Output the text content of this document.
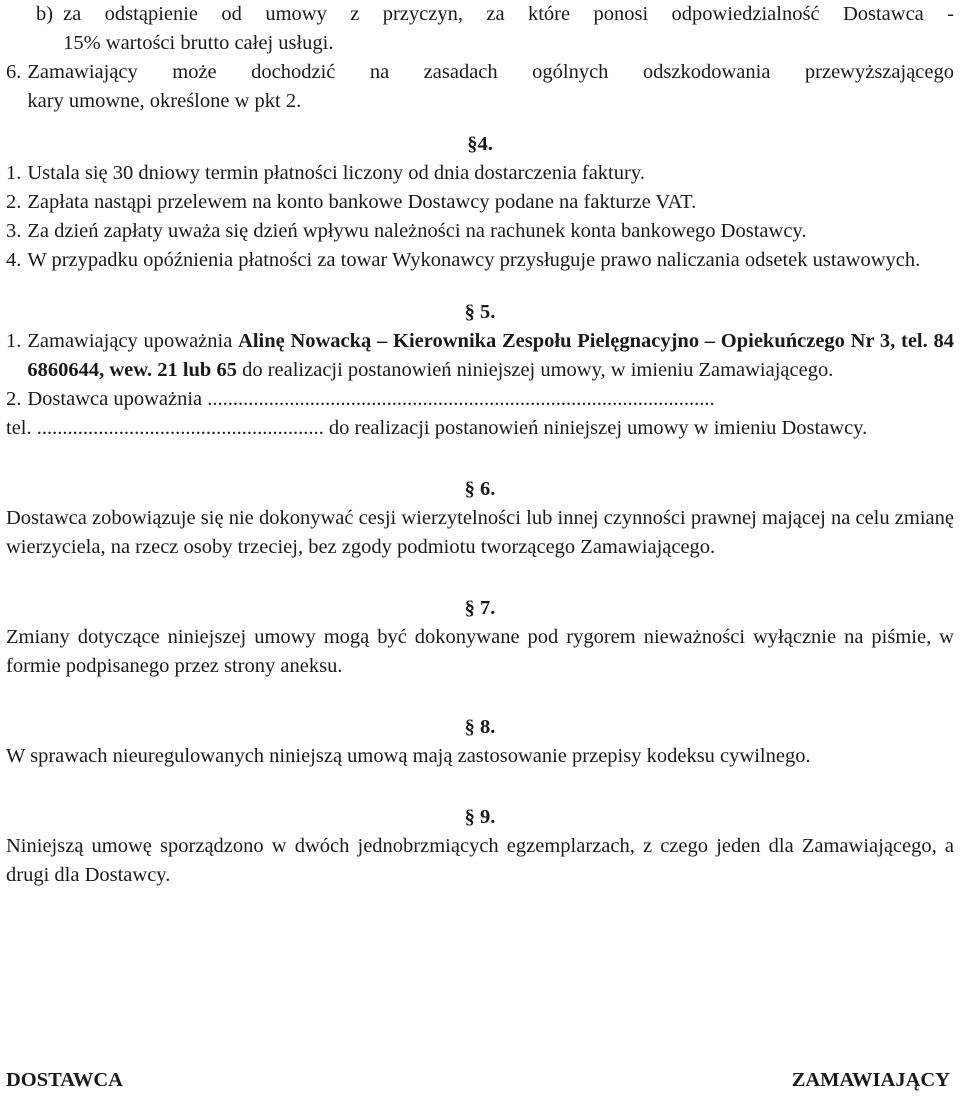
b) za odstąpienie od umowy z przyczyn, za które ponosi odpowiedzialność Dostawca -
15% wartości brutto całej usługi.
6. Zamawiający może dochodzić na zasadach ogólnych odszkodowania przewyższającego
kary umowne, określone w pkt 2.
§4.
1. Ustala się 30 dniowy termin płatności liczony od dnia dostarczenia faktury.
2. Zapłata nastąpi przelewem na konto bankowe Dostawcy podane na fakturze VAT.
3. Za dzień zapłaty uważa się dzień wpływu należności na rachunek konta bankowego Dostawcy.
4. W przypadku opóźnienia płatności za towar Wykonawcy przysługuje prawo naliczania odsetek ustawowych.
§ 5.
1. Zamawiający upoważnia Alinę Nowacką – Kierownika Zespołu Pielęgnacyjno – Opiekuńczego Nr 3, tel. 84 6860644, wew. 21 lub 65 do realizacji postanowień niniejszej umowy, w imieniu Zamawiającego.
2. Dostawca upoważnia ...................................................................................................
tel. ........................................................ do realizacji postanowień niniejszej umowy w imieniu Dostawcy.
§ 6.
Dostawca zobowiązuje się nie dokonywać cesji wierzytelności lub innej czynności prawnej mającej na celu zmianę wierzyciela, na rzecz osoby trzeciej, bez zgody podmiotu tworzącego Zamawiającego.
§ 7.
Zmiany dotyczące niniejszej umowy mogą być dokonywane pod rygorem nieważności wyłącznie na piśmie, w formie podpisanego przez strony aneksu.
§ 8.
W sprawach nieuregulowanych niniejszą umową mają zastosowanie przepisy kodeksu cywilnego.
§ 9.
Niniejszą umowę sporządzono w dwóch jednobrzmiących egzemplarzach, z czego jeden dla Zamawiającego, a drugi dla Dostawcy.
DOSTAWCA	ZAMAWIAJĄCY
